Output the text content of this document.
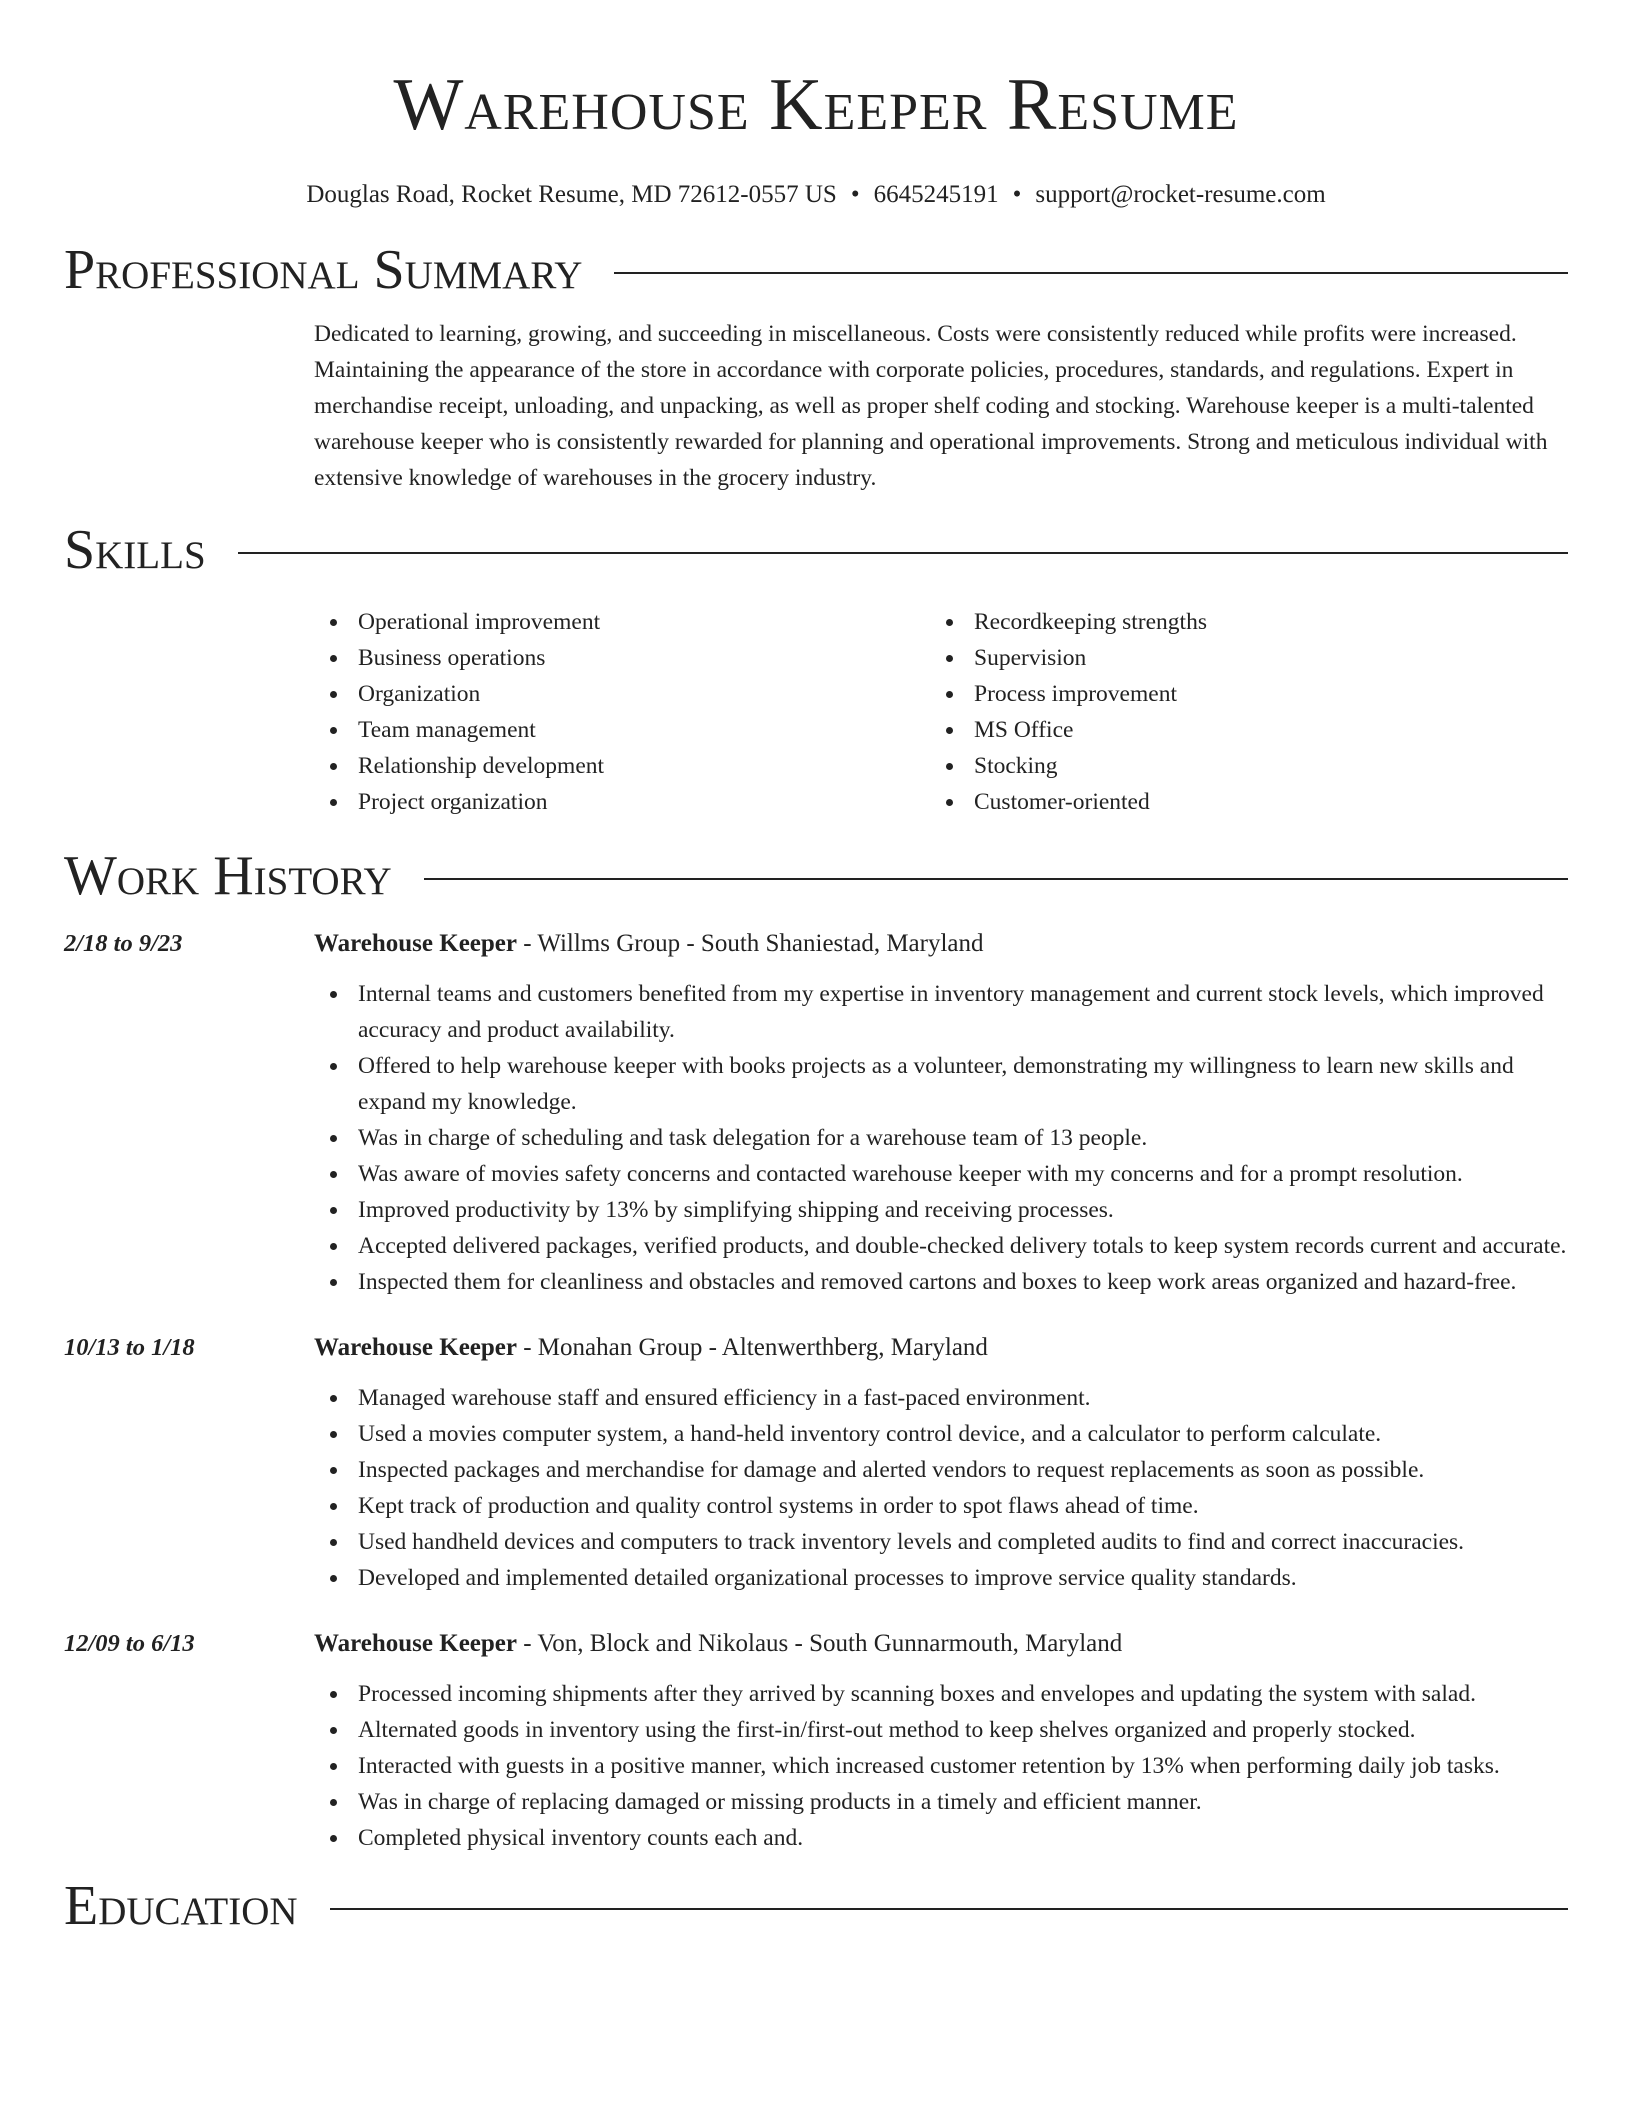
Warehouse Keeper Resume
Douglas Road, Rocket Resume, MD 72612-0557 US • 6645245191 • support@rocket-resume.com
Professional Summary

Dedicated to learning, growing, and succeeding in miscellaneous. Costs were consistently reduced while profits were increased. Maintaining the appearance of the store in accordance with corporate policies, procedures, standards, and regulations. Expert in merchandise receipt, unloading, and unpacking, as well as proper shelf coding and stocking. Warehouse keeper is a multi-talented warehouse keeper who is consistently rewarded for planning and operational improvements. Strong and meticulous individual with extensive knowledge of warehouses in the grocery industry.

Skills
Operational improvement
Business operations
Organization
Team management
Relationship development
Project organization
Recordkeeping strengths
Supervision
Process improvement
MS Office
Stocking
Customer-oriented
Work History
2/18 to 9/23	Warehouse Keeper - Willms Group - South Shaniestad, Maryland
Internal teams and customers benefited from my expertise in inventory management and current stock levels, which improved accuracy and product availability.
Offered to help warehouse keeper with books projects as a volunteer, demonstrating my willingness to learn new skills and expand my knowledge.
Was in charge of scheduling and task delegation for a warehouse team of 13 people.
Was aware of movies safety concerns and contacted warehouse keeper with my concerns and for a prompt resolution.
Improved productivity by 13% by simplifying shipping and receiving processes.
Accepted delivered packages, verified products, and double-checked delivery totals to keep system records current and accurate.
Inspected them for cleanliness and obstacles and removed cartons and boxes to keep work areas organized and hazard-free.
10/13 to 1/18	Warehouse Keeper - Monahan Group - Altenwerthberg, Maryland
Managed warehouse staff and ensured efficiency in a fast-paced environment.
Used a movies computer system, a hand-held inventory control device, and a calculator to perform calculate.
Inspected packages and merchandise for damage and alerted vendors to request replacements as soon as possible.
Kept track of production and quality control systems in order to spot flaws ahead of time.
Used handheld devices and computers to track inventory levels and completed audits to find and correct inaccuracies.
Developed and implemented detailed organizational processes to improve service quality standards.
12/09 to 6/13	Warehouse Keeper - Von, Block and Nikolaus - South Gunnarmouth, Maryland
Processed incoming shipments after they arrived by scanning boxes and envelopes and updating the system with salad.
Alternated goods in inventory using the first-in/first-out method to keep shelves organized and properly stocked.
Interacted with guests in a positive manner, which increased customer retention by 13% when performing daily job tasks.
Was in charge of replacing damaged or missing products in a timely and efficient manner.
Completed physical inventory counts each and.
Education
